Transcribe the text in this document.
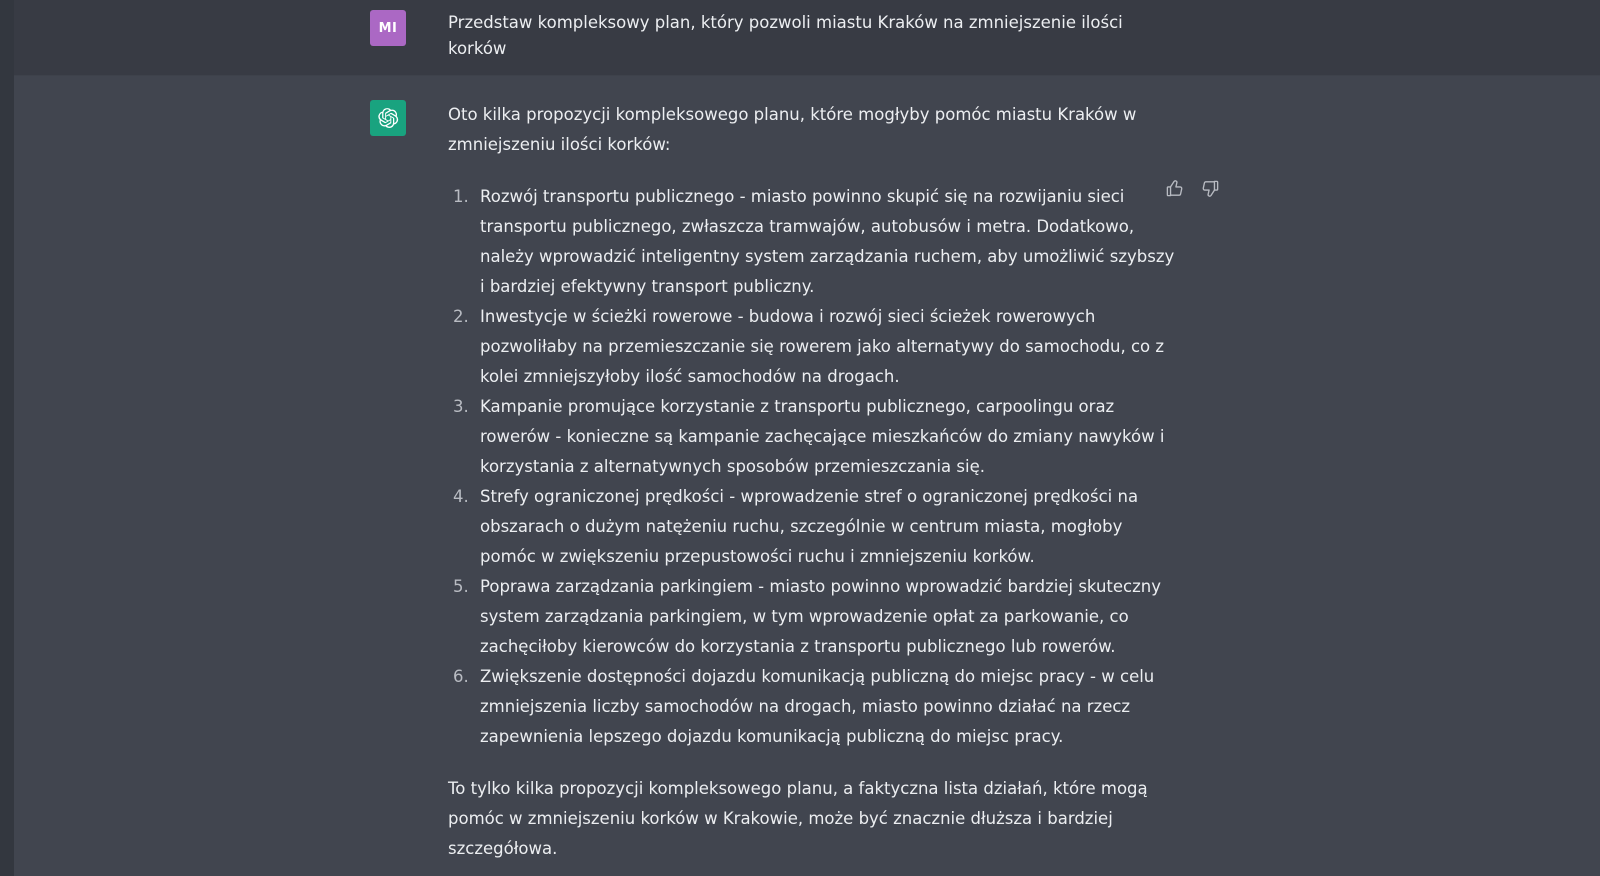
MI	Przedstaw kompleksowy plan, który pozwoli miastu Kraków na zmniejszenie ilości korków

Oto kilka propozycji kompleksowego planu, które mogłyby pomóc miastu Kraków w zmniejszeniu ilości korków:

1. Rozwój transportu publicznego - miasto powinno skupić się na rozwijaniu sieci transportu publicznego, zwłaszcza tramwajów, autobusów i metra. Dodatkowo, należy wprowadzić inteligentny system zarządzania ruchem, aby umożliwić szybszy i bardziej efektywny transport publiczny.
2. Inwestycje w ścieżki rowerowe - budowa i rozwój sieci ścieżek rowerowych pozwoliłaby na przemieszczanie się rowerem jako alternatywy do samochodu, co z kolei zmniejszyłoby ilość samochodów na drogach.
3. Kampanie promujące korzystanie z transportu publicznego, carpoolingu oraz rowerów - konieczne są kampanie zachęcające mieszkańców do zmiany nawyków i korzystania z alternatywnych sposobów przemieszczania się.
4. Strefy ograniczonej prędkości - wprowadzenie stref o ograniczonej prędkości na obszarach o dużym natężeniu ruchu, szczególnie w centrum miasta, mogłoby pomóc w zwiększeniu przepustowości ruchu i zmniejszeniu korków.
5. Poprawa zarządzania parkingiem - miasto powinno wprowadzić bardziej skuteczny system zarządzania parkingiem, w tym wprowadzenie opłat za parkowanie, co zachęciłoby kierowców do korzystania z transportu publicznego lub rowerów.
6. Zwiększenie dostępności dojazdu komunikacją publiczną do miejsc pracy - w celu zmniejszenia liczby samochodów na drogach, miasto powinno działać na rzecz zapewnienia lepszego dojazdu komunikacją publiczną do miejsc pracy.

To tylko kilka propozycji kompleksowego planu, a faktyczna lista działań, które mogą pomóc w zmniejszeniu korków w Krakowie, może być znacznie dłuższa i bardziej szczegółowa.
